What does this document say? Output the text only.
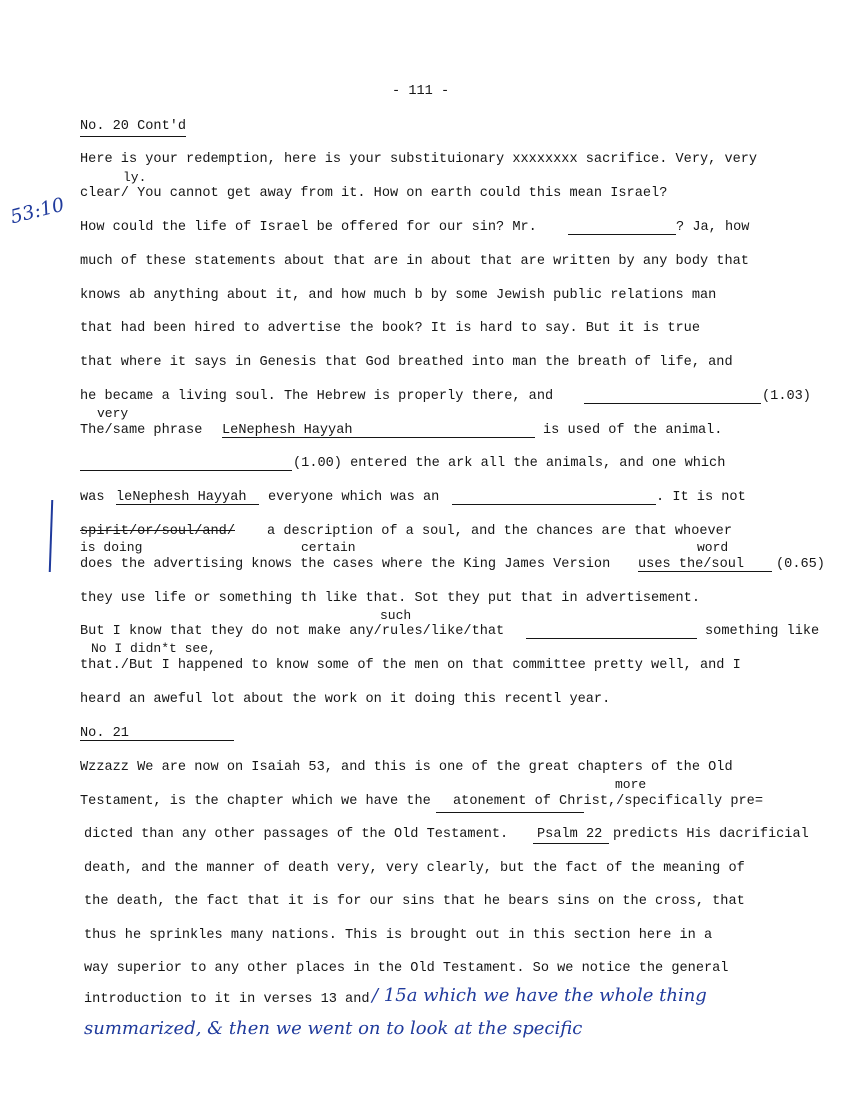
- 111 -
No. 20 Cont'd
Here is your redemption, here is your substituionary xxxxxxxx sacrifice. Very, very
ly.
clear/ You cannot get away from it. How on earth could this mean Israel?
53:10 How could the life of Israel be offered for our sin? Mr.	? Ja, how
much of these statements about that are in about that are written by any body that
knows ab anything about it, and how much b by some Jewish public relations man
that had been hired to advertise the book? It is hard to say. But it is true
that where it says in Genesis that God breathed into man the breath of life, and
he became a living soul. The Hebrew is properly there, and	(1.03)
very
The/same phrase LeNephesh Hayyah	is used of the animal.
(1.00) entered the ark all the animals, and one which
was leNephesh Hayyah everyone which was an	. It is not
spirit/or/soul/and/ a description of a soul, and the chances are that whoever
is doing	certain	word
does the advertising knows the cases where the King James Version uses the/soul (0.65)
they use life or something th like that. Sot they put that in advertisement.
such
But I know that they do not make any/rules/like/that	something like
No I didn*t see,
that./But I happened to know some of the men on that committee pretty well, and I
heard an aweful lot about the work on it doing this recentl year.
No. 21
Wzzazz We are now on Isaiah 53, and this is one of the great chapters of the Old
more
Testament, is the chapter which we have the atonement of Christ,/specifically pre=
dicted than any other passages of the Old Testament. Psalm 22 predicts His dacrificial
death, and the manner of death very, very clearly, but the fact of the meaning of
the death, the fact that it is for our sins that he bears sins on the cross, that
thus he sprinkles many nations. This is brought out in this section here in a
way superior to any other places in the Old Testament. So we notice the general
introduction to it in verses 13 and / 15a which we have the whole thing
summarized, & then we went on to look at the specific
